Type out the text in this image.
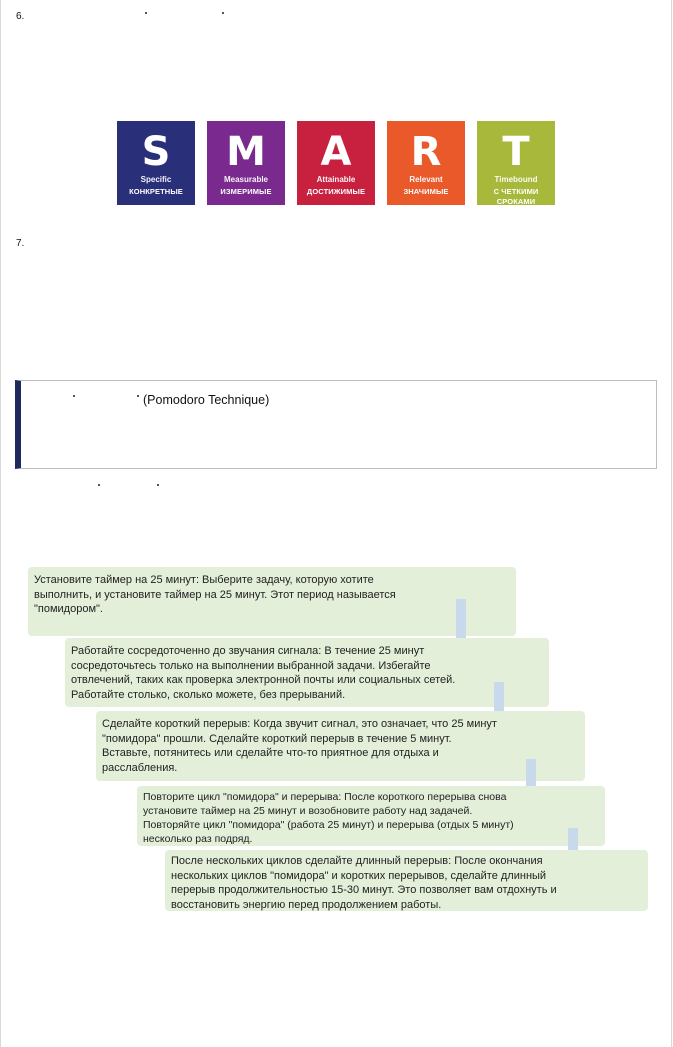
6.
S
Specific
КОНКРЕТНЫЕ
M
Measurable
ИЗМЕРИМЫЕ
A
Attainable
ДОСТИЖИМЫЕ
R
Relevant
ЗНАЧИМЫЕ
T
Timebound
С ЧЕТКИМИ СРОКАМИ
7.
(Pomodoro Technique)
Установите таймер на 25 минут: Выберите задачу, которую хотите выполнить, и установите таймер на 25 минут. Этот период называется "помидором".
Работайте сосредоточенно до звучания сигнала: В течение 25 минут сосредоточьтесь только на выполнении выбранной задачи. Избегайте отвлечений, таких как проверка электронной почты или социальных сетей. Работайте столько, сколько можете, без прерываний.
Сделайте короткий перерыв: Когда звучит сигнал, это означает, что 25 минут "помидора" прошли. Сделайте короткий перерыв в течение 5 минут. Вставьте, потянитесь или сделайте что-то приятное для отдыха и расслабления.
Повторите цикл "помидора" и перерыва: После короткого перерыва снова установите таймер на 25 минут и возобновите работу над задачей. Повторяйте цикл "помидора" (работа 25 минут) и перерыва (отдых 5 минут) несколько раз подряд.
После нескольких циклов сделайте длинный перерыв: После окончания нескольких циклов "помидора" и коротких перерывов, сделайте длинный перерыв продолжительностью 15-30 минут. Это позволяет вам отдохнуть и восстановить энергию перед продолжением работы.
